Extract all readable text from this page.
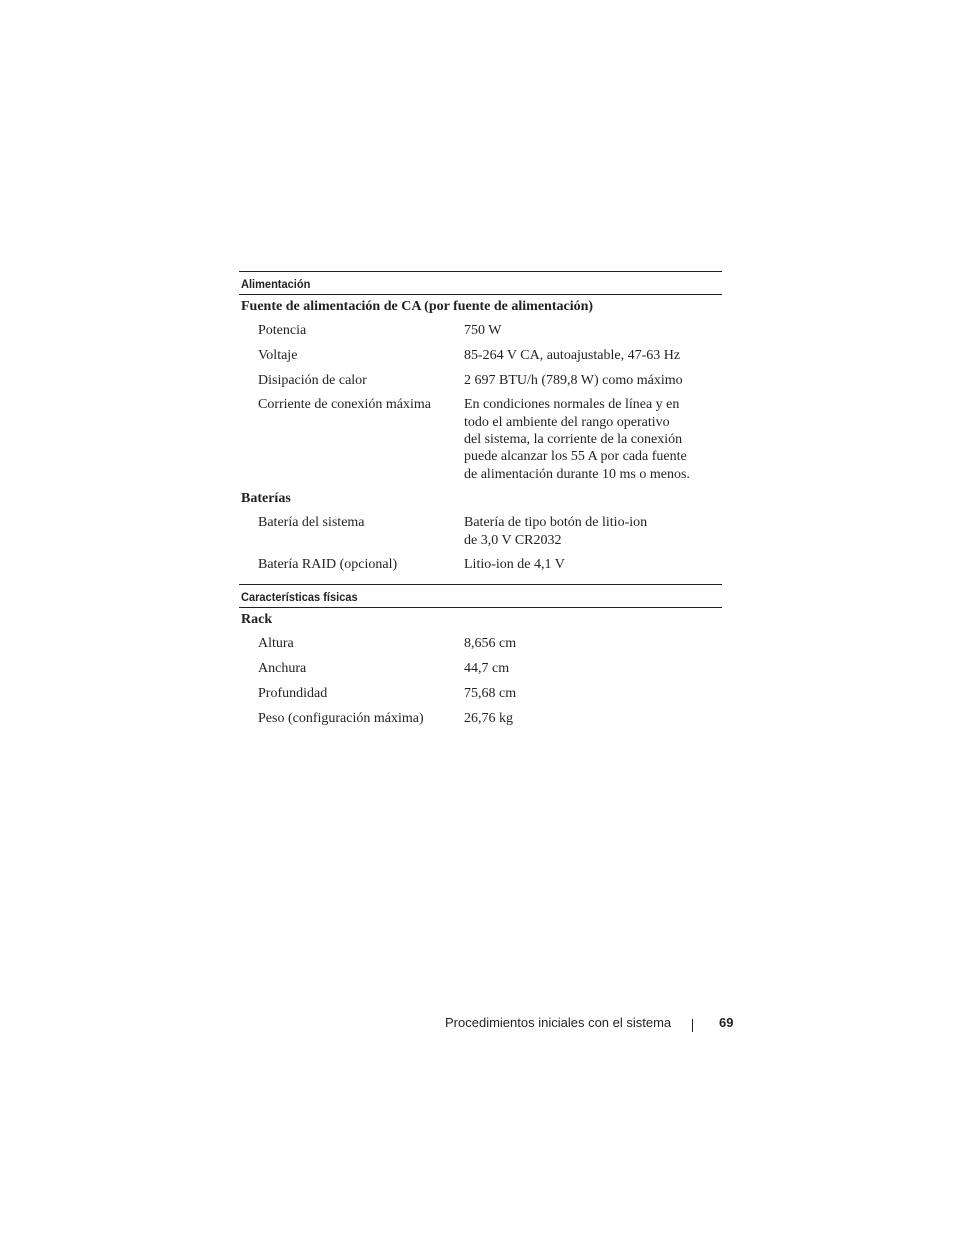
Alimentación
Fuente de alimentación de CA (por fuente de alimentación)
Potencia	750 W
Voltaje	85-264 V CA, autoajustable, 47-63 Hz
Disipación de calor	2 697 BTU/h (789,8 W) como máximo
Corriente de conexión máxima	En condiciones normales de línea y en
todo el ambiente del rango operativo
del sistema, la corriente de la conexión
puede alcanzar los 55 A por cada fuente
de alimentación durante 10 ms o menos.
Baterías
Batería del sistema	Batería de tipo botón de litio-ion
de 3,0 V CR2032
Batería RAID (opcional)	Litio-ion de 4,1 V
Características físicas
Rack
Altura	8,656 cm
Anchura	44,7 cm
Profundidad	75,68 cm
Peso (configuración máxima)	26,76 kg
Procedimientos iniciales con el sistema	69
